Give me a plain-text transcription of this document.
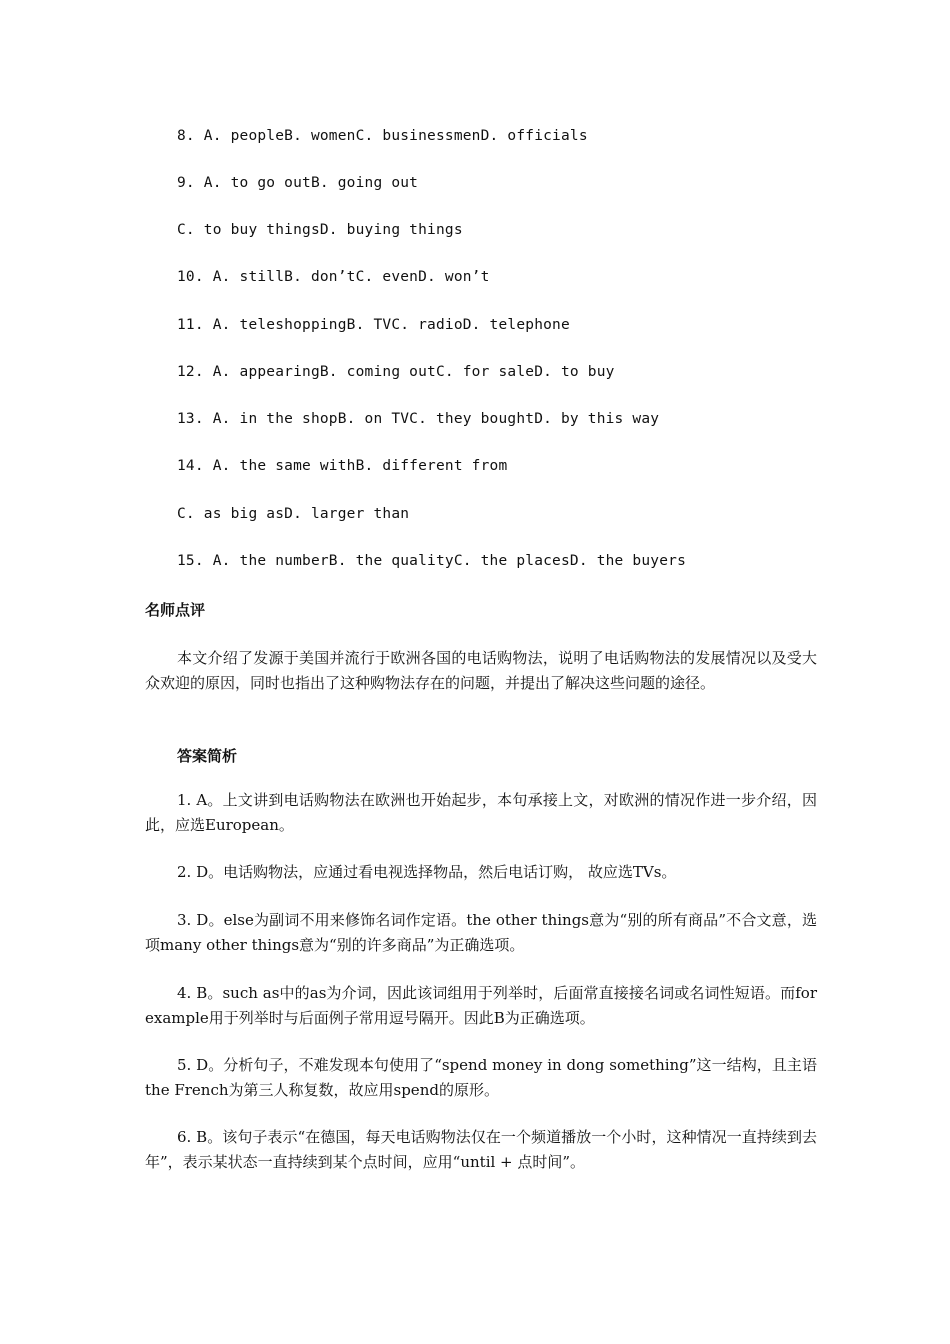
8. A. peopleB. womenC. businessmenD. officials
9. A. to go outB. going out
C. to buy thingsD. buying things
10. A. stillB. don’tC. evenD. won’t
11. A. teleshoppingB. TVC. radioD. telephone
12. A. appearingB. coming outC. for saleD. to buy
13. A. in the shopB. on TVC. they boughtD. by this way
14. A. the same withB. different from
C. as big asD. larger than
15. A. the numberB. the qualityC. the placesD. the buyers
名师点评
本文介绍了发源于美国并流行于欧洲各国的电话购物法，说明了电话购物法的发展情况以及受大众欢迎的原因，同时也指出了这种购物法存在的问题，并提出了解决这些问题的途径。
答案简析
1. A。上文讲到电话购物法在欧洲也开始起步，本句承接上文，对欧洲的情况作进一步介绍，因此，应选European。
2. D。电话购物法，应通过看电视选择物品，然后电话订购， 故应选TVs。
3. D。else为副词不用来修饰名词作定语。the other things意为“别的所有商品”不合文意，选项many other things意为“别的许多商品”为正确选项。
4. B。such as中的as为介词，因此该词组用于列举时，后面常直接接名词或名词性短语。而for example用于列举时与后面例子常用逗号隔开。因此B为正确选项。
5. D。分析句子，不难发现本句使用了“spend money in dong something”这一结构，且主语the French为第三人称复数，故应用spend的原形。
6. B。该句子表示“在德国，每天电话购物法仅在一个频道播放一个小时，这种情况一直持续到去年”，表示某状态一直持续到某个点时间，应用“until + 点时间”。
